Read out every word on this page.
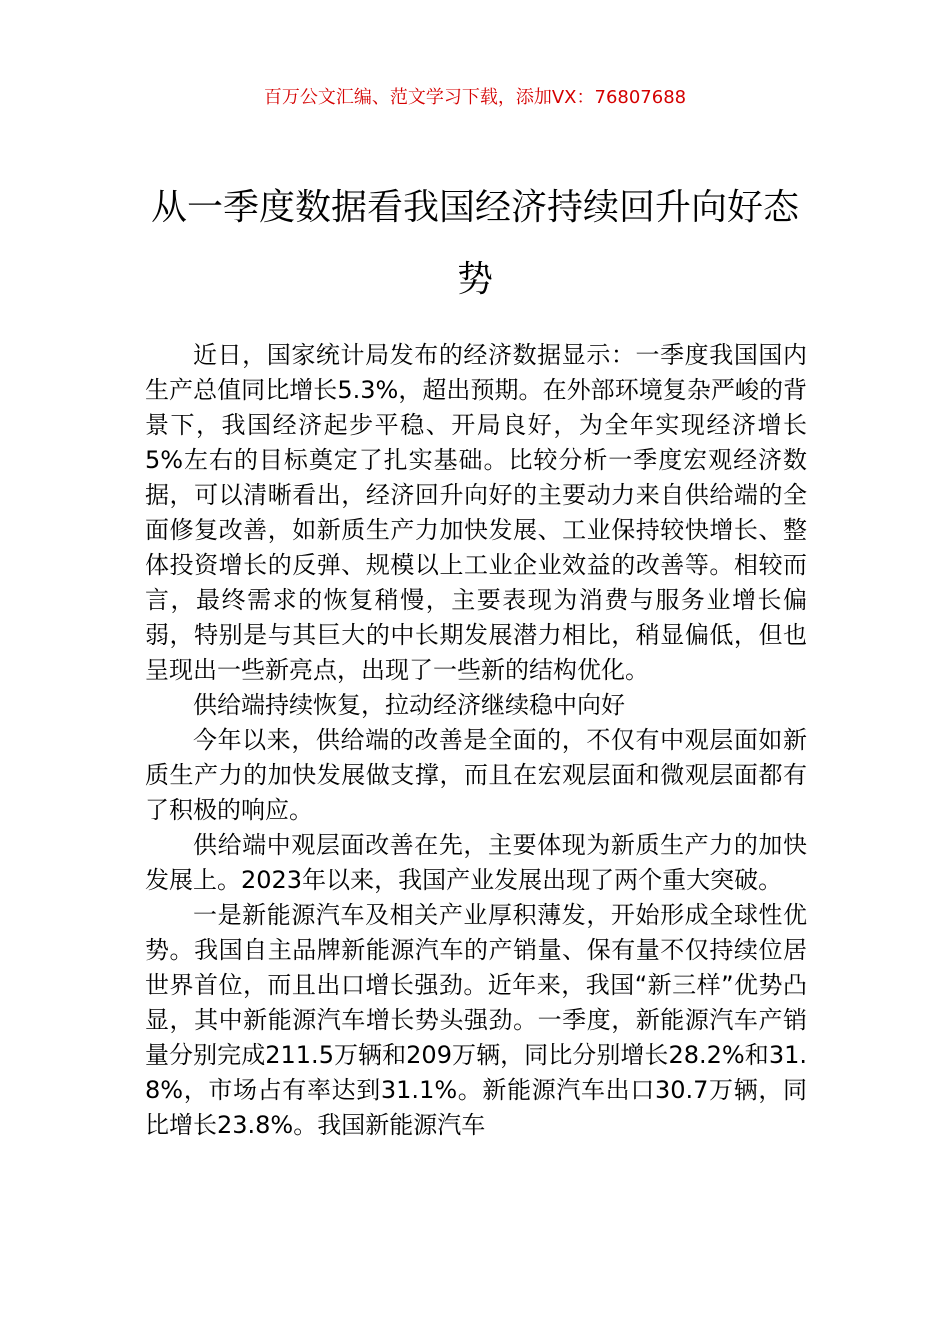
百万公文汇编、范文学习下载，添加VX：76807688
从一季度数据看我国经济持续回升向好态势

近日，国家统计局发布的经济数据显示：一季度我国国内生产总值同比增长5.3%，超出预期。在外部环境复杂严峻的背景下，我国经济起步平稳、开局良好，为全年实现经济增长5%左右的目标奠定了扎实基础。比较分析一季度宏观经济数据，可以清晰看出，经济回升向好的主要动力来自供给端的全面修复改善，如新质生产力加快发展、工业保持较快增长、整体投资增长的反弹、规模以上工业企业效益的改善等。相较而言，最终需求的恢复稍慢，主要表现为消费与服务业增长偏弱，特别是与其巨大的中长期发展潜力相比，稍显偏低，但也呈现出一些新亮点，出现了一些新的结构优化。

供给端持续恢复，拉动经济继续稳中向好

今年以来，供给端的改善是全面的，不仅有中观层面如新质生产力的加快发展做支撑，而且在宏观层面和微观层面都有了积极的响应。

供给端中观层面改善在先，主要体现为新质生产力的加快发展上。2023年以来，我国产业发展出现了两个重大突破。

一是新能源汽车及相关产业厚积薄发，开始形成全球性优势。我国自主品牌新能源汽车的产销量、保有量不仅持续位居世界首位，而且出口增长强劲。近年来，我国“新三样”优势凸显，其中新能源汽车增长势头强劲。一季度，新能源汽车产销量分别完成211.5万辆和209万辆，同比分别增长28.2%和31.8%，市场占有率达到31.1%。新能源汽车出口30.7万辆，同比增长23.8%。我国新能源汽车
